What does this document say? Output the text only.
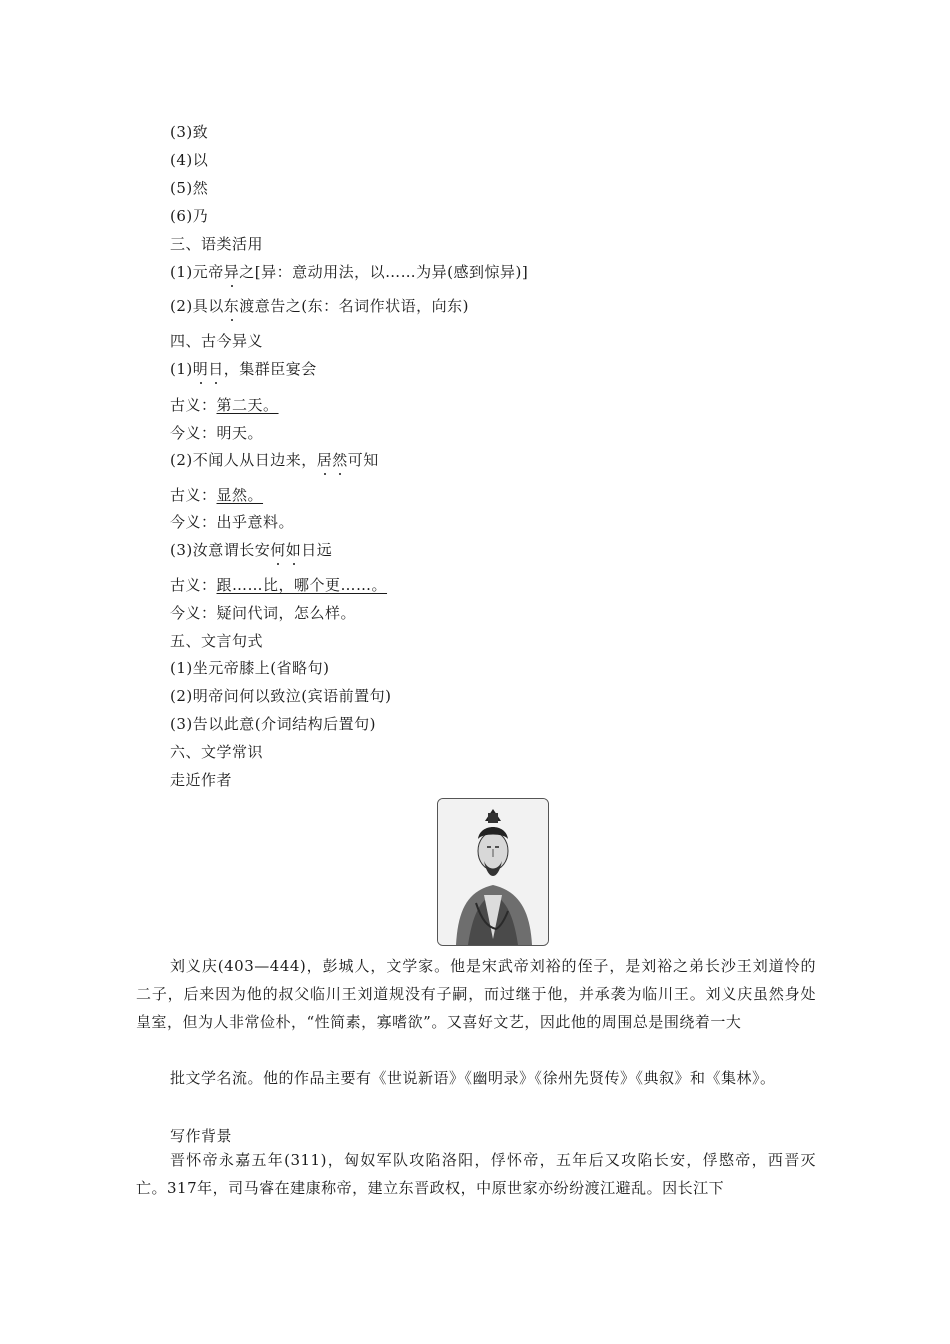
(3)致
(4)以
(5)然
(6)乃
三、语类活用
(1)元帝异之[异：意动用法，以……为异(感到惊异)]
(2)具以东渡意告之(东：名词作状语，向东)
四、古今异义
(1)明日，集群臣宴会
古义：第二天。
今义：明天。
(2)不闻人从日边来，居然可知
古义：显然。
今义：出乎意料。
(3)汝意谓长安何如日远
古义：跟……比，哪个更……。
今义：疑问代词，怎么样。
五、文言句式
(1)坐元帝膝上(省略句)
(2)明帝问何以致泣(宾语前置句)
(3)告以此意(介词结构后置句)
六、文学常识
走近作者
刘义庆(403—444)，彭城人，文学家。他是宋武帝刘裕的侄子，是刘裕之弟长沙王刘道怜的二子，后来因为他的叔父临川王刘道规没有子嗣，而过继于他，并承袭为临川王。刘义庆虽然身处皇室，但为人非常俭朴，“性简素，寡嗜欲”。又喜好文艺，因此他的周围总是围绕着一大
批文学名流。他的作品主要有《世说新语》《幽明录》《徐州先贤传》《典叙》和《集林》。
写作背景
晋怀帝永嘉五年(311)，匈奴军队攻陷洛阳，俘怀帝，五年后又攻陷长安，俘愍帝，西晋灭亡。317年，司马睿在建康称帝，建立东晋政权，中原世家亦纷纷渡江避乱。因长江下
